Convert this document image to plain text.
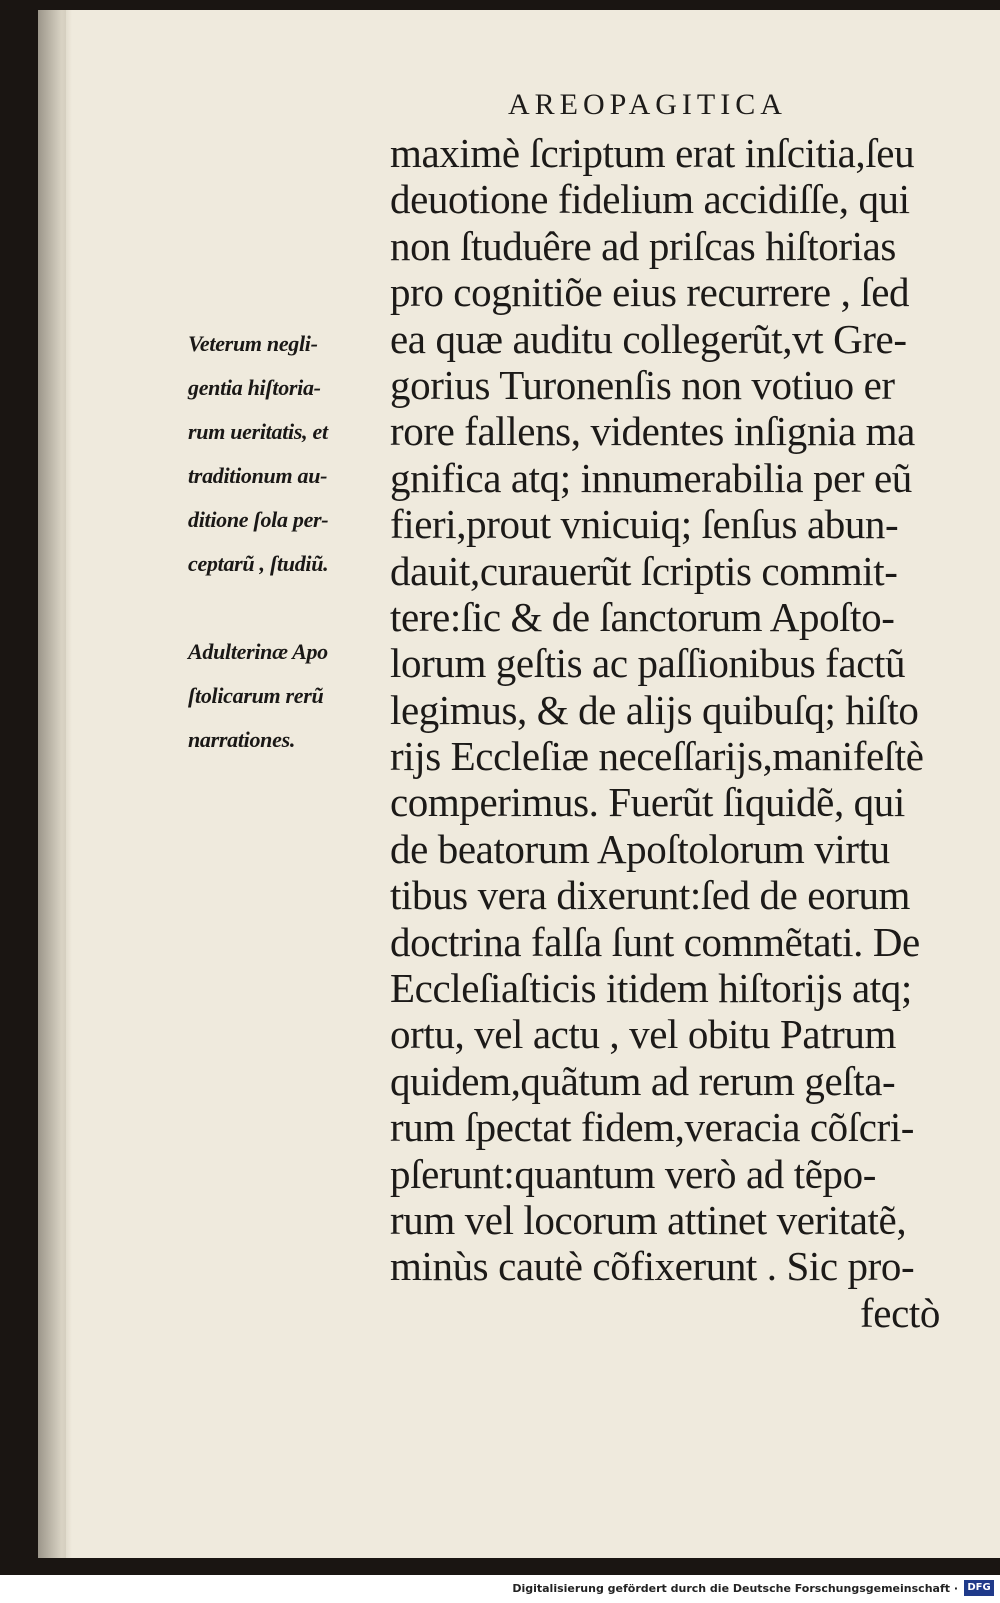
AREOPAGITICA
maximè ſcriptum erat inſcitia,ſeu
deuotione fidelium accidiſſe, qui
non ſtuduêre ad priſcas hiſtorias
pro cognitiõe eius recurrere , ſed
ea quæ auditu collegerũt,vt Gre-
gorius Turonenſis non votiuo er
rore fallens, videntes inſignia ma
gnifica atq; innumerabilia per eũ
fieri,prout vnicuiq; ſenſus abun-
dauit,curauerũt ſcriptis commit-
tere:ſic & de ſanctorum Apoſto-
lorum geſtis ac paſſionibus factũ
legimus, & de alijs quibuſq; hiſto
rijs Eccleſiæ neceſſarijs,manifeſtè
comperimus. Fuerũt ſiquidẽ, qui
de beatorum Apoſtolorum virtu
tibus vera dixerunt:ſed de eorum
doctrina falſa ſunt commẽtati. De
Eccleſiaſticis itidem hiſtorijs atq;
ortu, vel actu , vel obitu Patrum
quidem,quãtum ad rerum geſta-
rum ſpectat fidem,veracia cõſcri-
pſerunt:quantum verò ad tẽpo-
rum vel locorum attinet veritatẽ,
minùs cautè cõfixerunt . Sic pro-
fectò
Veterum negli-
gentia hiſtoria-
rum ueritatis, et
traditionum au-
ditione ſola per-
ceptarũ , ſtudiũ.
Adulterinæ Apo
ſtolicarum rerũ
narrationes.
Digitalisierung gefördert durch die Deutsche Forschungsgemeinschaft · DFG
